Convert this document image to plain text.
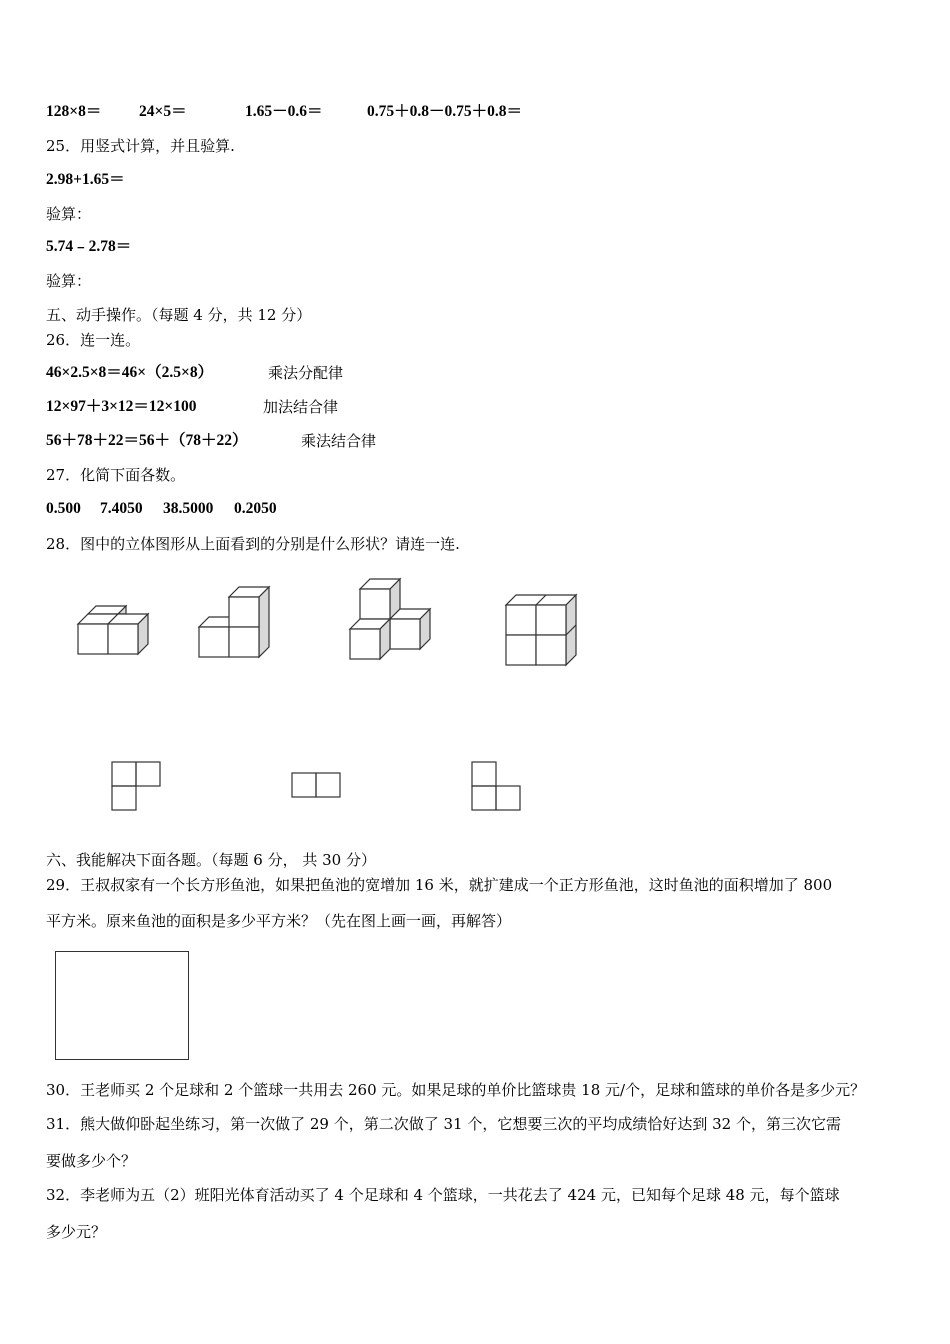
128×8＝ 24×5＝	1.65－0.6＝	0.75＋0.8－0.75＋0.8＝
25．用竖式计算，并且验算.
2.98+1.65＝
验算：
5.74﹣2.78＝
验算：
五、动手操作。（每题 4 分，共 12 分）
26．连一连。
46×2.5×8＝46×（2.5×8）	乘法分配律
12×97＋3×12＝12×100	加法结合律
56＋78＋22＝56＋（78＋22）	乘法结合律
27．化简下面各数。
0.500 7.4050 38.5000 0.2050
28．图中的立体图形从上面看到的分别是什么形状？请连一连.
六、我能解决下面各题。（每题 6 分， 共 30 分）
29．王叔叔家有一个长方形鱼池，如果把鱼池的宽增加 16 米，就扩建成一个正方形鱼池，这时鱼池的面积增加了 800
平方米。原来鱼池的面积是多少平方米？（先在图上画一画，再解答）
30．王老师买 2 个足球和 2 个篮球一共用去 260 元。如果足球的单价比篮球贵 18 元/个，足球和篮球的单价各是多少元？
31．熊大做仰卧起坐练习，第一次做了 29 个，第二次做了 31 个，它想要三次的平均成绩恰好达到 32 个，第三次它需
要做多少个？
32．李老师为五（2）班阳光体育活动买了 4 个足球和 4 个篮球，一共花去了 424 元，已知每个足球 48 元，每个篮球
多少元？
